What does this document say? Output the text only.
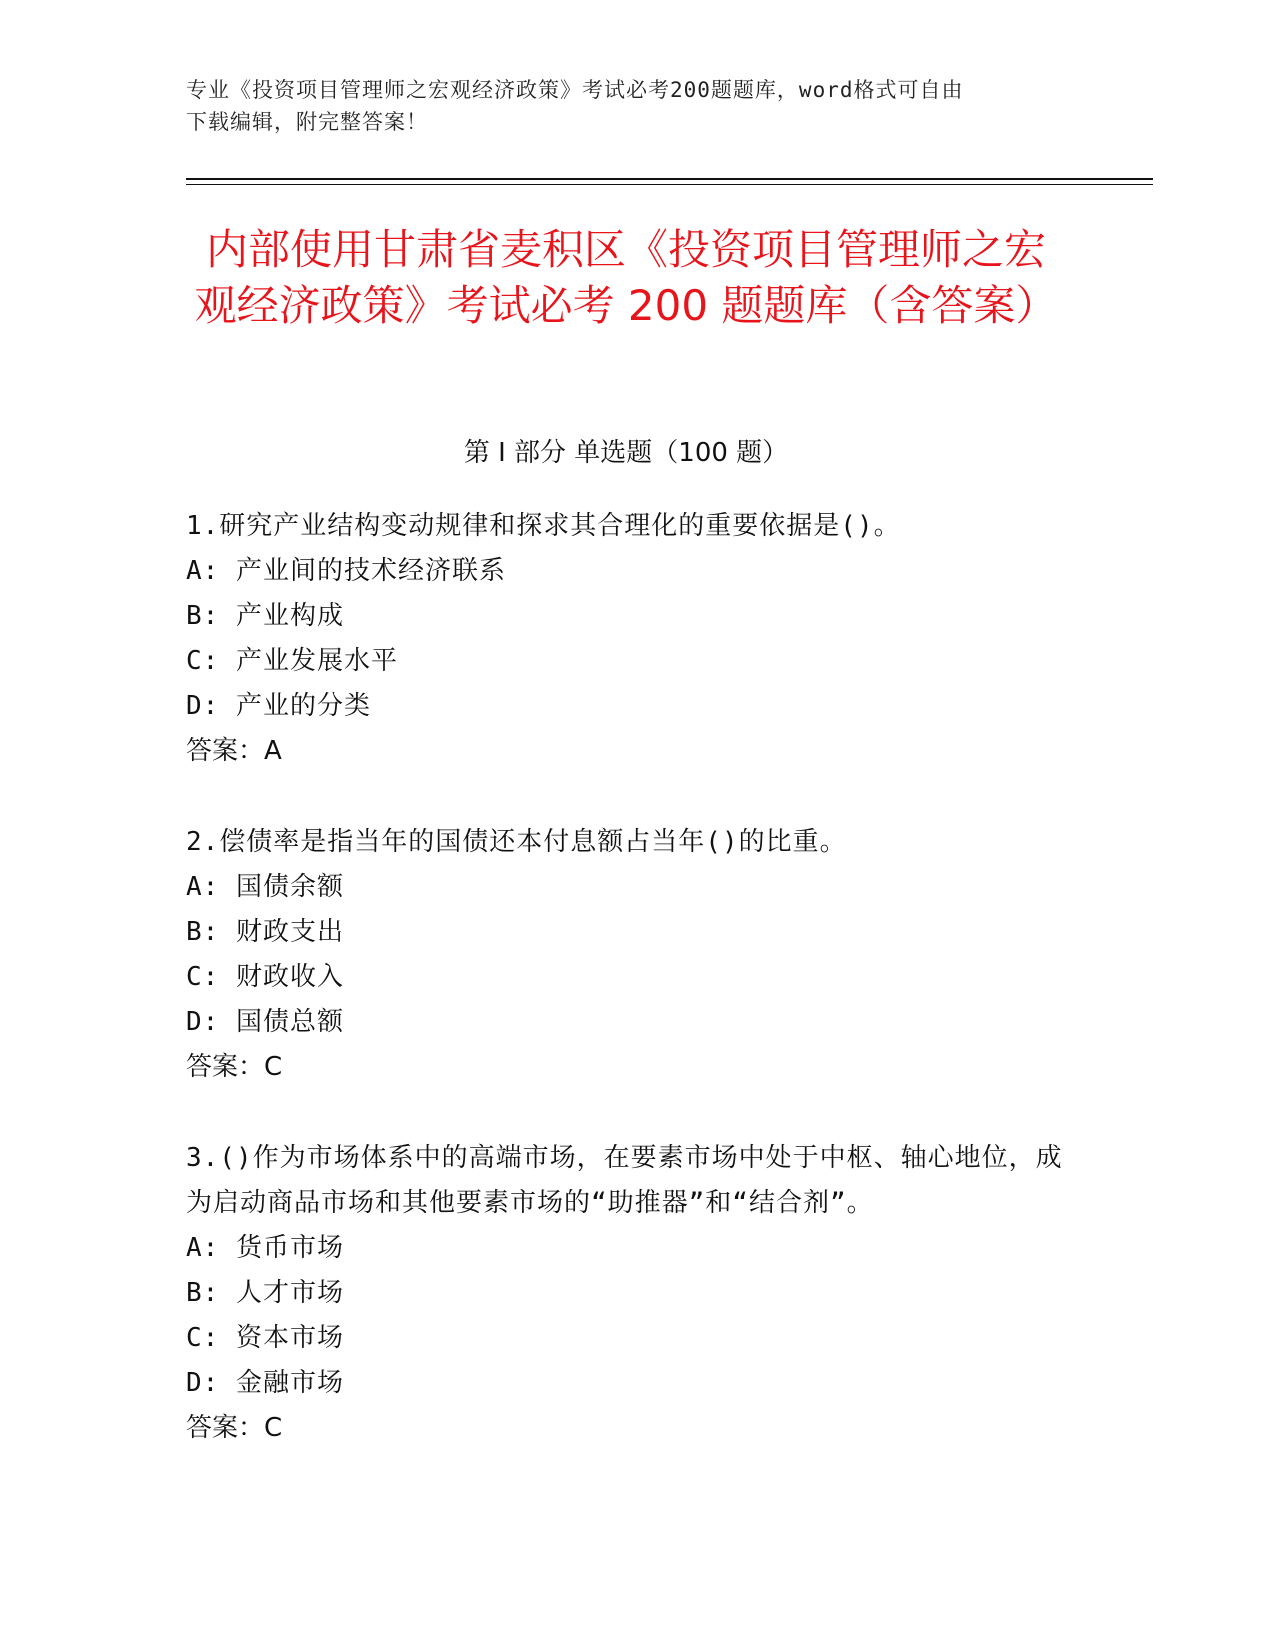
专业《投资项目管理师之宏观经济政策》考试必考200题题库，word格式可自由
下载编辑，附完整答案！
内部使用甘肃省麦积区《投资项目管理师之宏观经济政策》考试必考 200 题题库（含答案）
第 I 部分 单选题（100 题）

1.研究产业结构变动规律和探求其合理化的重要依据是()。

A: 产业间的技术经济联系

B: 产业构成

C: 产业发展水平

D: 产业的分类

答案：A

2.偿债率是指当年的国债还本付息额占当年()的比重。

A: 国债余额

B: 财政支出

C: 财政收入

D: 国债总额

答案：C

3.()作为市场体系中的高端市场，在要素市场中处于中枢、轴心地位，成为启动商品市场和其他要素市场的“助推器”和“结合剂”。

A: 货币市场

B: 人才市场

C: 资本市场

D: 金融市场

答案：C
